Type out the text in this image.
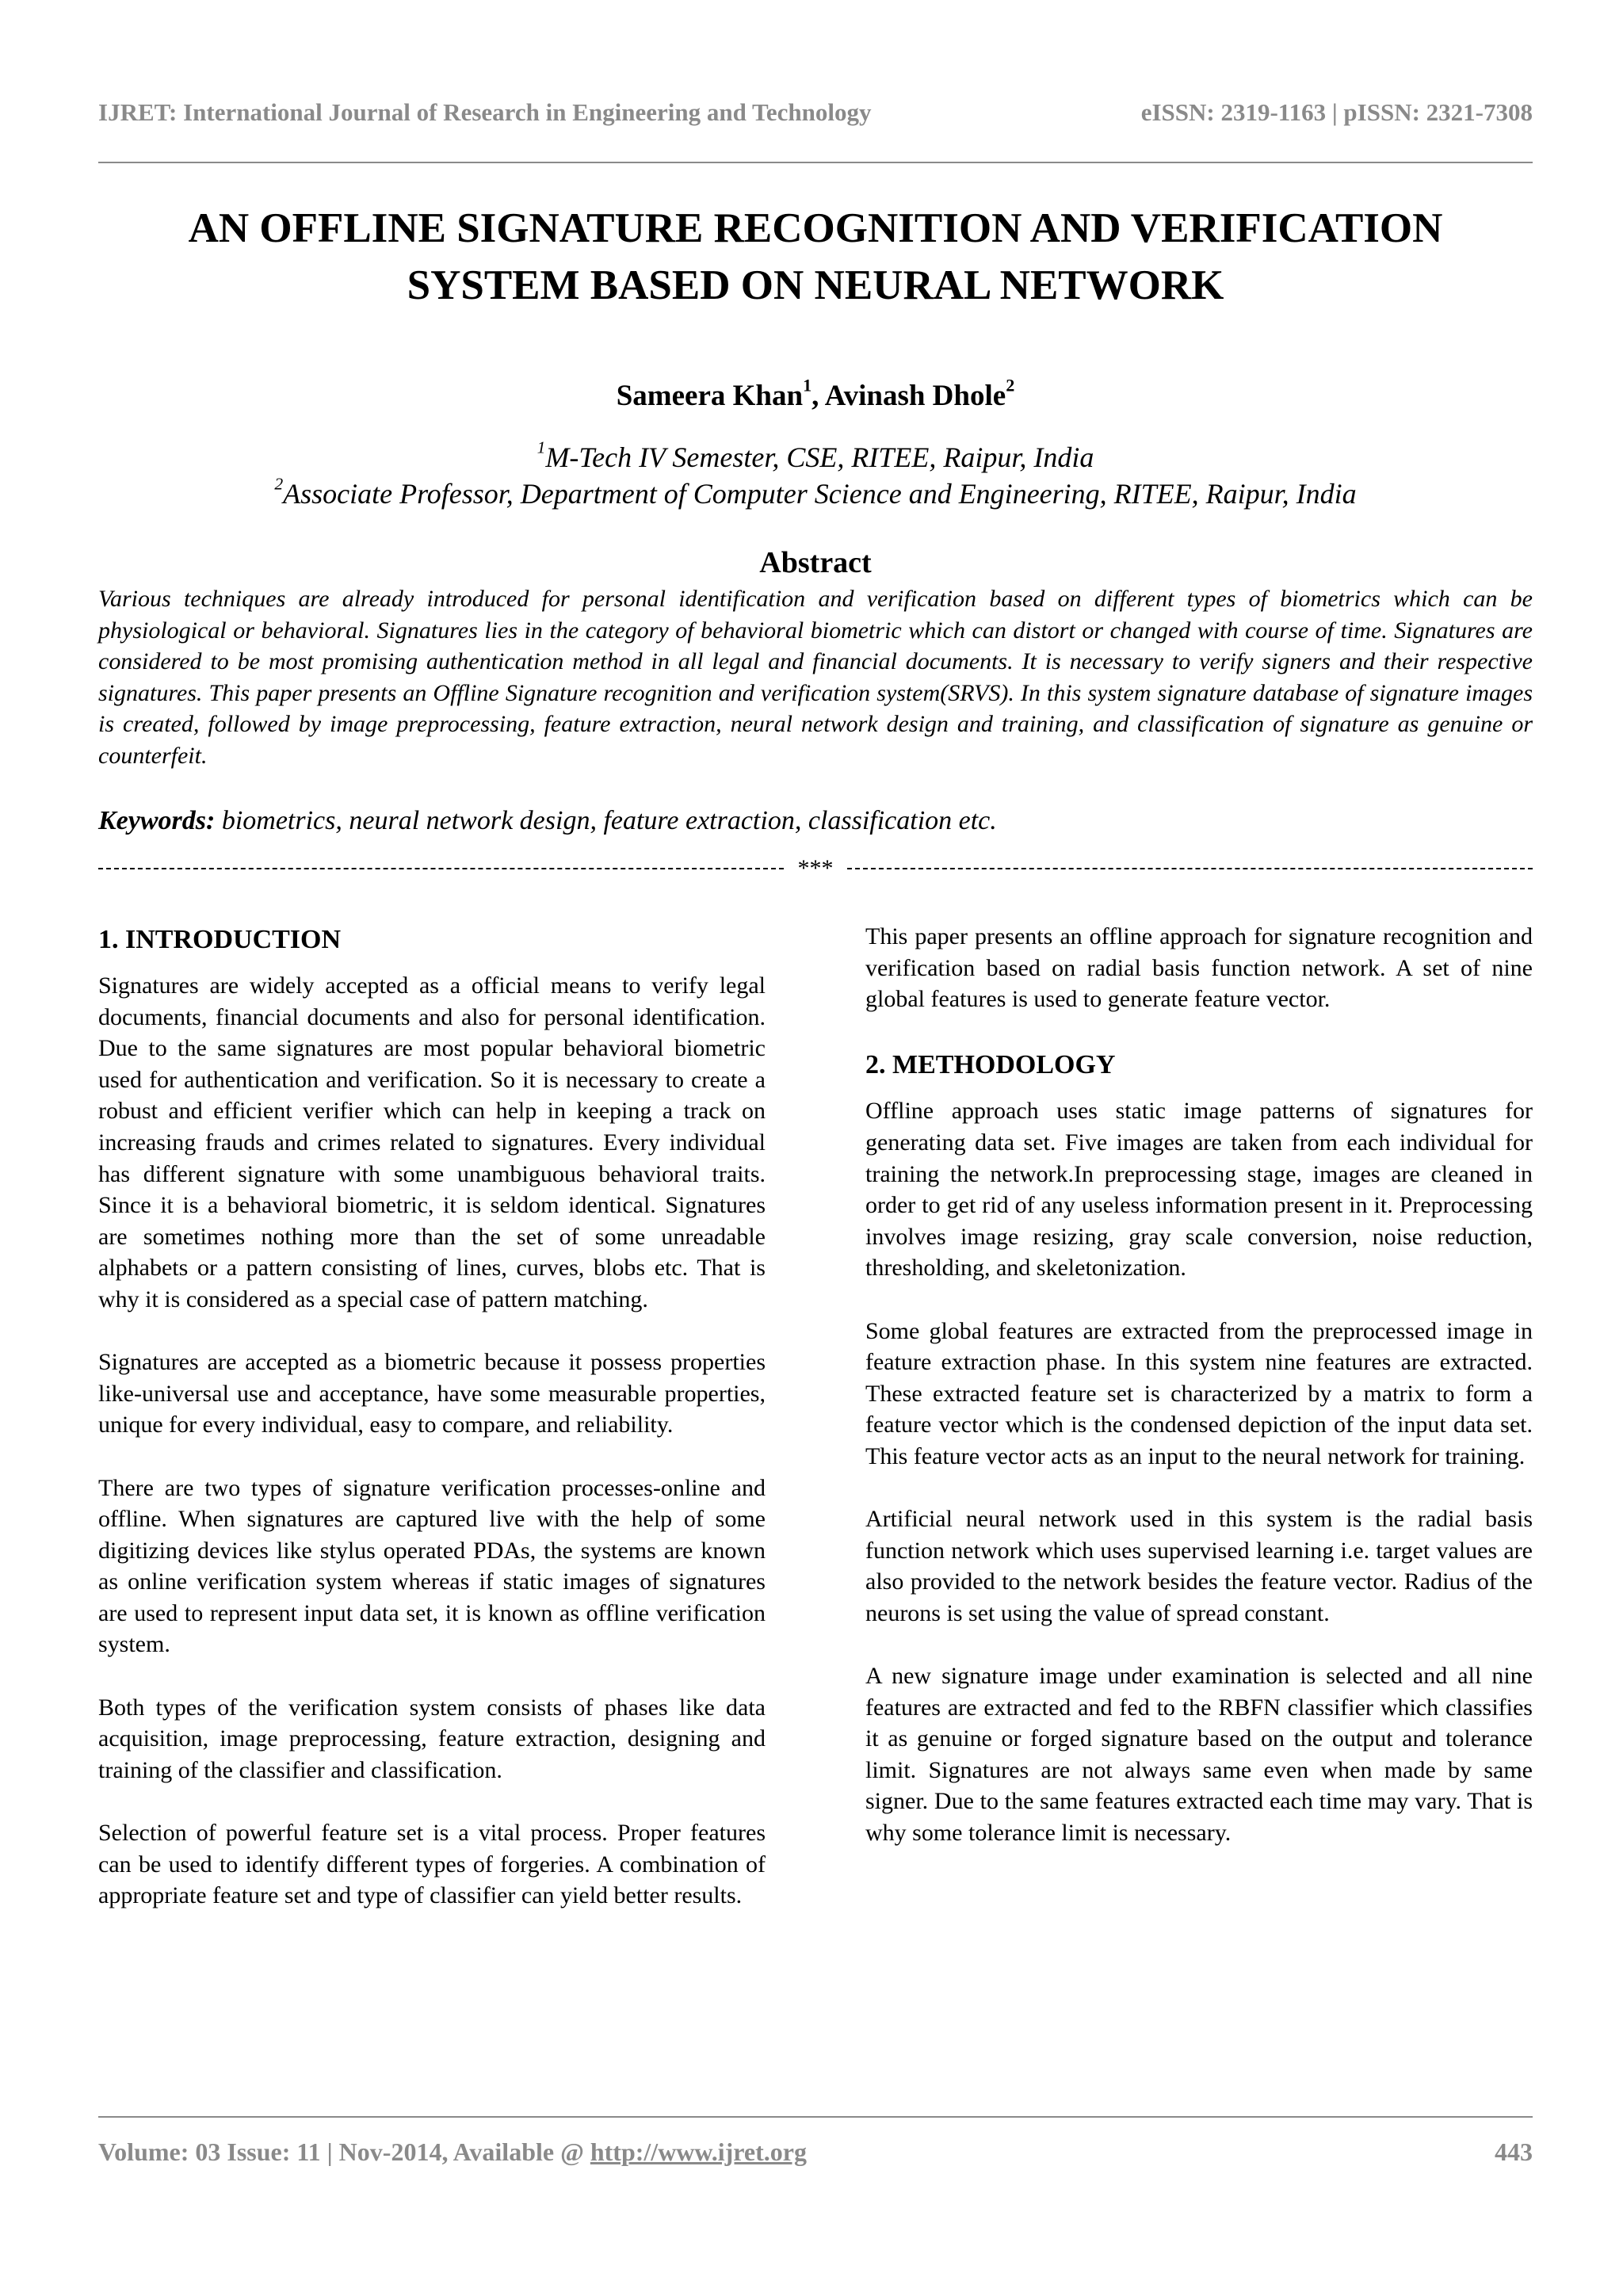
IJRET: International Journal of Research in Engineering and Technology	eISSN: 2319-1163 | pISSN: 2321-7308
AN OFFLINE SIGNATURE RECOGNITION AND VERIFICATION
SYSTEM BASED ON NEURAL NETWORK
Sameera Khan$^1$, Avinash Dhole$^2$
$^1$M-Tech IV Semester, CSE, RITEE, Raipur, India
$^2$Associate Professor, Department of Computer Science and Engineering, RITEE, Raipur, India
Abstract
Various techniques are already introduced for personal identification and verification based on different types of biometrics which can be physiological or behavioral. Signatures lies in the category of behavioral biometric which can distort or changed with course of time. Signatures are considered to be most promising authentication method in all legal and financial documents. It is necessary to verify signers and their respective signatures. This paper presents an Offline Signature recognition and verification system(SRVS). In this system signature database of signature images is created, followed by image preprocessing, feature extraction, neural network design and training, and classification of signature as genuine or counterfeit.
Keywords: biometrics, neural network design, feature extraction, classification etc.
***
1. INTRODUCTION

Signatures are widely accepted as a official means to verify legal documents, financial documents and also for personal identification. Due to the same signatures are most popular behavioral biometric used for authentication and verification. So it is necessary to create a robust and efficient verifier which can help in keeping a track on increasing frauds and crimes related to signatures. Every individual has different signature with some unambiguous behavioral traits. Since it is a behavioral biometric, it is seldom identical. Signatures are sometimes nothing more than the set of some unreadable alphabets or a pattern consisting of lines, curves, blobs etc. That is why it is considered as a special case of pattern matching.

Signatures are accepted as a biometric because it possess properties like-universal use and acceptance, have some measurable properties, unique for every individual, easy to compare, and reliability.

There are two types of signature verification processes-online and offline. When signatures are captured live with the help of some digitizing devices like stylus operated PDAs, the systems are known as online verification system whereas if static images of signatures are used to represent input data set, it is known as offline verification system.

Both types of the verification system consists of phases like data acquisition, image preprocessing, feature extraction, designing and training of the classifier and classification.

Selection of powerful feature set is a vital process. Proper features can be used to identify different types of forgeries. A combination of appropriate feature set and type of classifier can yield better results.

This paper presents an offline approach for signature recognition and verification based on radial basis function network. A set of nine global features is used to generate feature vector.

2. METHODOLOGY

Offline approach uses static image patterns of signatures for generating data set. Five images are taken from each individual for training the network.In preprocessing stage, images are cleaned in order to get rid of any useless information present in it. Preprocessing involves image resizing, gray scale conversion, noise reduction, thresholding, and skeletonization.

Some global features are extracted from the preprocessed image in feature extraction phase. In this system nine features are extracted. These extracted feature set is characterized by a matrix to form a feature vector which is the condensed depiction of the input data set. This feature vector acts as an input to the neural network for training.

Artificial neural network used in this system is the radial basis function network which uses supervised learning i.e. target values are also provided to the network besides the feature vector. Radius of the neurons is set using the value of spread constant.

A new signature image under examination is selected and all nine features are extracted and fed to the RBFN classifier which classifies it as genuine or forged signature based on the output and tolerance limit. Signatures are not always same even when made by same signer. Due to the same features extracted each time may vary. That is why some tolerance limit is necessary.

Volume: 03 Issue: 11 | Nov-2014, Available @ http://www.ijret.org	443
